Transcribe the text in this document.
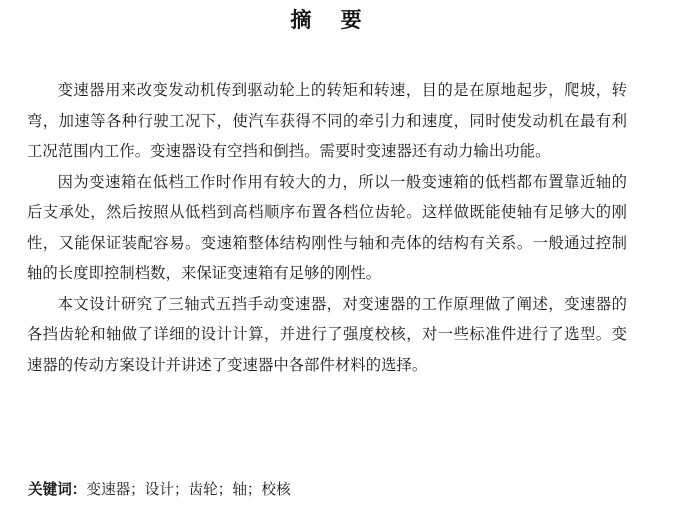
摘    要

变速器用来改变发动机传到驱动轮上的转矩和转速，目的是在原地起步，爬坡，转弯，加速等各种行驶工况下，使汽车获得不同的牵引力和速度，同时使发动机在最有利工况范围内工作。变速器设有空挡和倒挡。需要时变速器还有动力输出功能。

因为变速箱在低档工作时作用有较大的力，所以一般变速箱的低档都布置靠近轴的后支承处，然后按照从低档到高档顺序布置各档位齿轮。这样做既能使轴有足够大的刚性，又能保证装配容易。变速箱整体结构刚性与轴和壳体的结构有关系。一般通过控制轴的长度即控制档数，来保证变速箱有足够的刚性。

本文设计研究了三轴式五挡手动变速器，对变速器的工作原理做了阐述，变速器的各挡齿轮和轴做了详细的设计计算，并进行了强度校核，对一些标准件进行了选型。变速器的传动方案设计并讲述了变速器中各部件材料的选择。

关键词：变速器；设计；齿轮；轴；校核
